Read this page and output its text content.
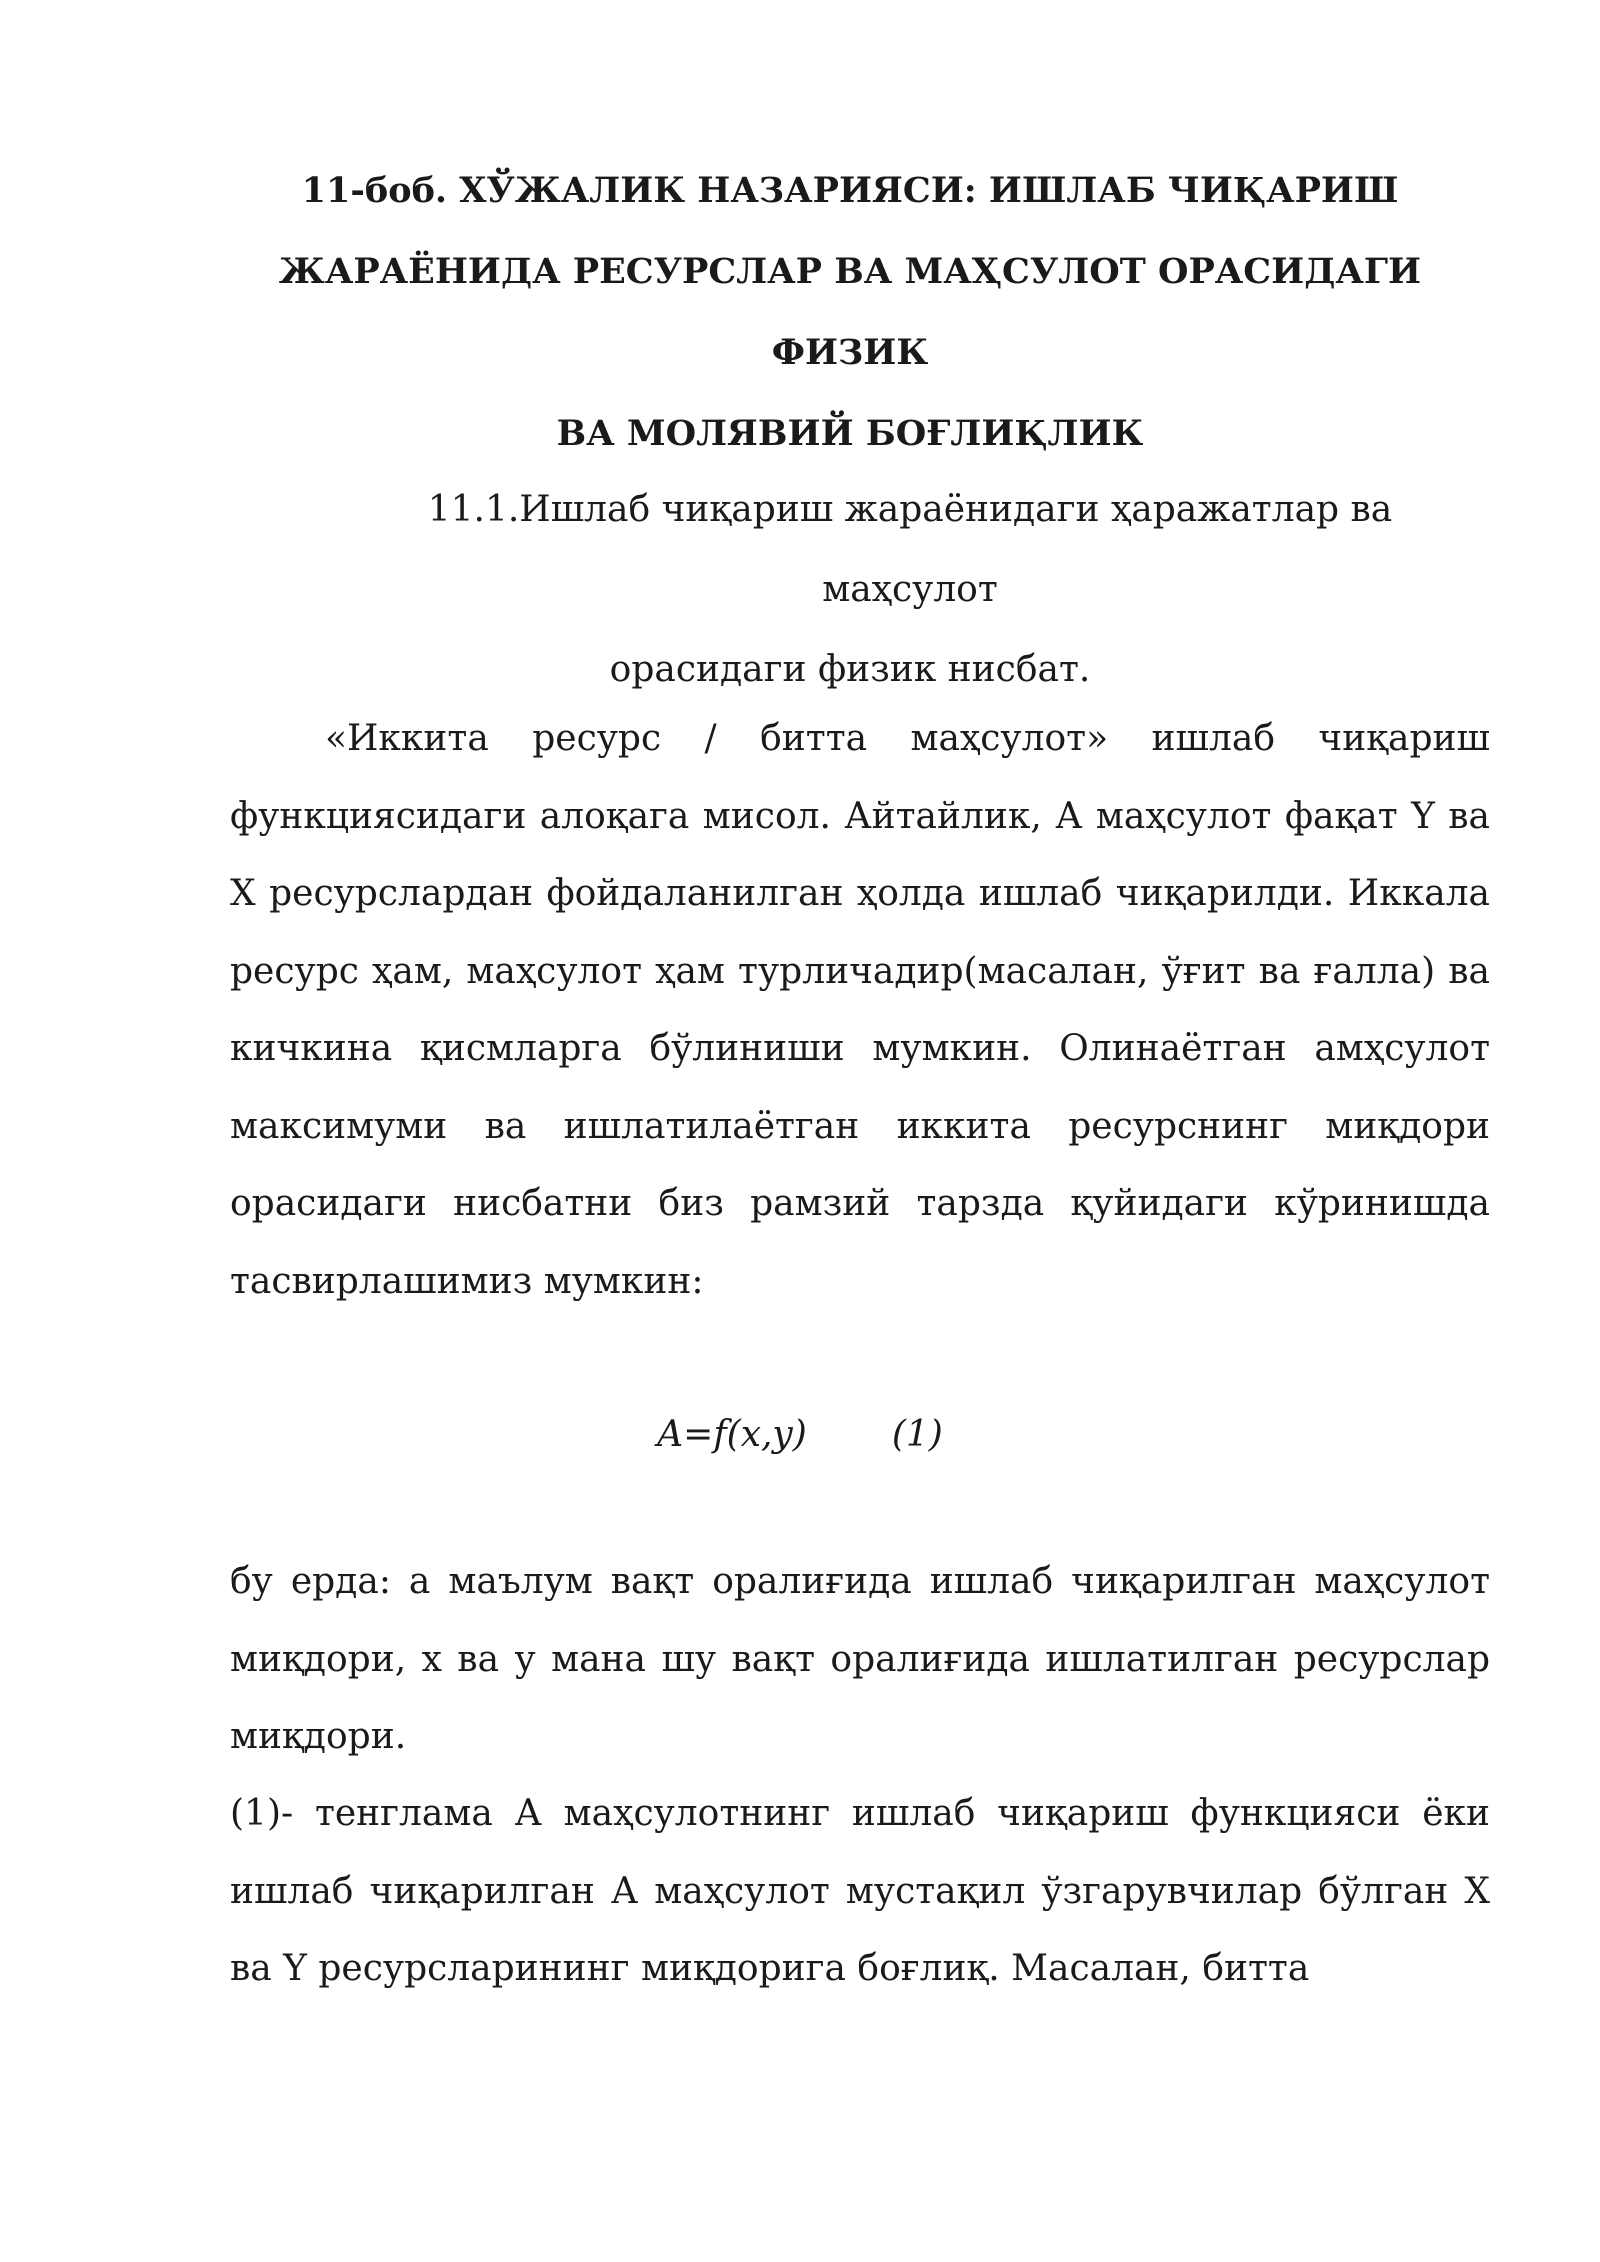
11-боб. ХЎЖАЛИК НАЗАРИЯСИ: ИШЛАБ ЧИҚАРИШ
ЖАРАЁНИДА РЕСУРСЛАР ВА МАҲСУЛОТ ОРАСИДАГИ ФИЗИК
ВА МОЛЯВИЙ БОҒЛИҚЛИК
11.1.Ишлаб чиқариш жараёнидаги ҳаражатлар ва маҳсулот
орасидаги физик нисбат.

«Иккита ресурс / битта маҳсулот» ишлаб чиқариш функциясидаги алоқага мисол. Айтайлик, А маҳсулот фақат Y ва X ресурслардан фойдаланилган ҳолда ишлаб чиқарилди. Иккала ресурс ҳам, маҳсулот ҳам турличадир(масалан, ўғит ва ғалла) ва кичкина қисмларга бўлиниши мумкин. Олинаётган амҳсулот максимуми ва ишлатилаётган иккита ресурснинг миқдори орасидаги нисбатни биз рамзий тарзда қуйидаги кўринишда тасвирлашимиз мумкин:

A=f(x,y) (1)

бу ерда: а маълум вақт оралиғида ишлаб чиқарилган маҳсулот миқдори, х ва у мана шу вақт оралиғида ишлатилган ресурслар миқдори.

(1)- тенглама А маҳсулотнинг ишлаб чиқариш функцияси ёки ишлаб чиқарилган А маҳсулот мустақил ўзгарувчилар бўлган X ва Y ресурсларининг миқдорига боғлиқ. Масалан, битта
